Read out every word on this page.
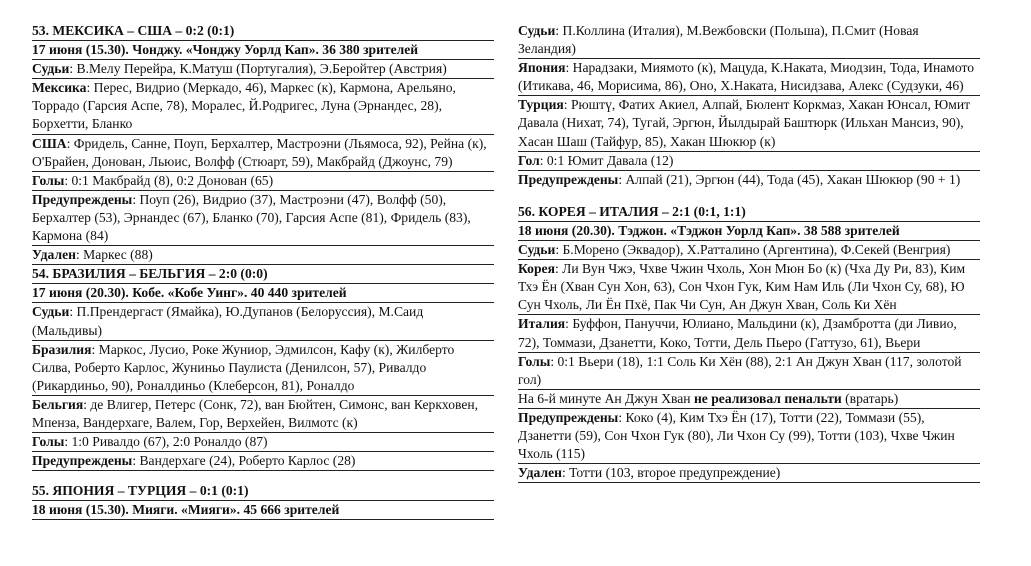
53. МЕКСИКА – США – 0:2 (0:1)
17 июня (15.30). Чонджу. «Чонджу Уорлд Кап». 36 380 зрителей
Судьи: В.Мелу Перейра, К.Матуш (Португалия), Э.Беройтер (Австрия)
Мексика: Перес, Видрио (Меркадо, 46), Маркес (к), Кармона, Арельяно, Торрадо (Гарсия Аспе, 78), Моралес, Й.Родригес, Луна (Эрнандес, 28), Борхетти, Бланко
США: Фридель, Санне, Поуп, Берхалтер, Мастроэни (Льямоса, 92), Рейна (к), О'Брайен, Донован, Льюис, Волфф (Стюарт, 59), Макбрайд (Джоунс, 79)
Голы: 0:1 Макбрайд (8), 0:2 Донован (65)
Предупреждены: Поуп (26), Видрио (37), Мастроэни (47), Волфф (50), Берхалтер (53), Эрнандес (67), Бланко (70), Гарсия Аспе (81), Фридель (83), Кармона (84)
Удален: Маркес (88)
54. БРАЗИЛИЯ – БЕЛЬГИЯ – 2:0 (0:0)
17 июня (20.30). Кобе. «Кобе Уинг». 40 440 зрителей
Судьи: П.Прендергаст (Ямайка), Ю.Дупанов (Белоруссия), М.Саид (Мальдивы)
Бразилия: Маркос, Лусио, Роке Жуниор, Эдмилсон, Кафу (к), Жилберто Силва, Роберто Карлос, Жуниньо Паулиста (Денилсон, 57), Ривалдо (Рикардиньо, 90), Роналдиньо (Клеберсон, 81), Роналдо
Бельгия: де Влигер, Петерс (Сонк, 72), ван Бюйтен, Симонс, ван Керкховен, Мпенза, Вандерхаге, Валем, Гор, Верхейен, Вилмотс (к)
Голы: 1:0 Ривалдо (67), 2:0 Роналдо (87)
Предупреждены: Вандерхаге (24), Роберто Карлос (28)
55. ЯПОНИЯ – ТУРЦИЯ – 0:1 (0:1)
18 июня (15.30). Мияги. «Мияги». 45 666 зрителей
Судьи: П.Коллина (Италия), М.Вежбовски (Польша), П.Смит (Новая Зеландия)
Япония: Нарадзаки, Миямото (к), Мацуда, К.Наката, Миодзин, Тода, Инамото (Итикава, 46, Морисима, 86), Оно, Х.Наката, Нисидзава, Алекс (Судзуки, 46)
Турция: Рюштү, Фатих Акиел, Алпай, Бюлент Коркмаз, Хакан Юнсал, Юмит Давала (Нихат, 74), Тугай, Эргюн, Йылдырай Баштюрк (Ильхан Мансиз, 90), Хасан Шаш (Тайфур, 85), Хакан Шюкюр (к)
Гол: 0:1 Юмит Давала (12)
Предупреждены: Алпай (21), Эргюн (44), Тода (45), Хакан Шюкюр (90 + 1)
56. КОРЕЯ – ИТАЛИЯ – 2:1 (0:1, 1:1)
18 июня (20.30). Тэджон. «Тэджон Уорлд Кап». 38 588 зрителей
Судьи: Б.Морено (Эквадор), Х.Ратталино (Аргентина), Ф.Секей (Венгрия)
Корея: Ли Вун Чжэ, Чхве Чжин Чхоль, Хон Мюн Бо (к) (Чха Ду Ри, 83), Ким Тхэ Ён (Хван Сун Хон, 63), Сон Чхон Гук, Ким Нам Иль (Ли Чхон Су, 68), Ю Сун Чхоль, Ли Ён Пхё, Пак Чи Сун, Ан Джун Хван, Соль Ки Хён
Италия: Буффон, Пануччи, Юлиано, Мальдини (к), Дзамбротта (ди Ливио, 72), Томмази, Дзанетти, Коко, Тотти, Дель Пьеро (Гаттузо, 61), Вьери
Голы: 0:1 Вьери (18), 1:1 Соль Ки Хён (88), 2:1 Ан Джун Хван (117, золотой гол)
На 6-й минуте Ан Джун Хван не реализовал пенальти (вратарь)
Предупреждены: Коко (4), Ким Тхэ Ён (17), Тотти (22), Томмази (55), Дзанетти (59), Сон Чхон Гук (80), Ли Чхон Су (99), Тотти (103), Чхве Чжин Чхоль (115)
Удален: Тотти (103, второе предупреждение)
